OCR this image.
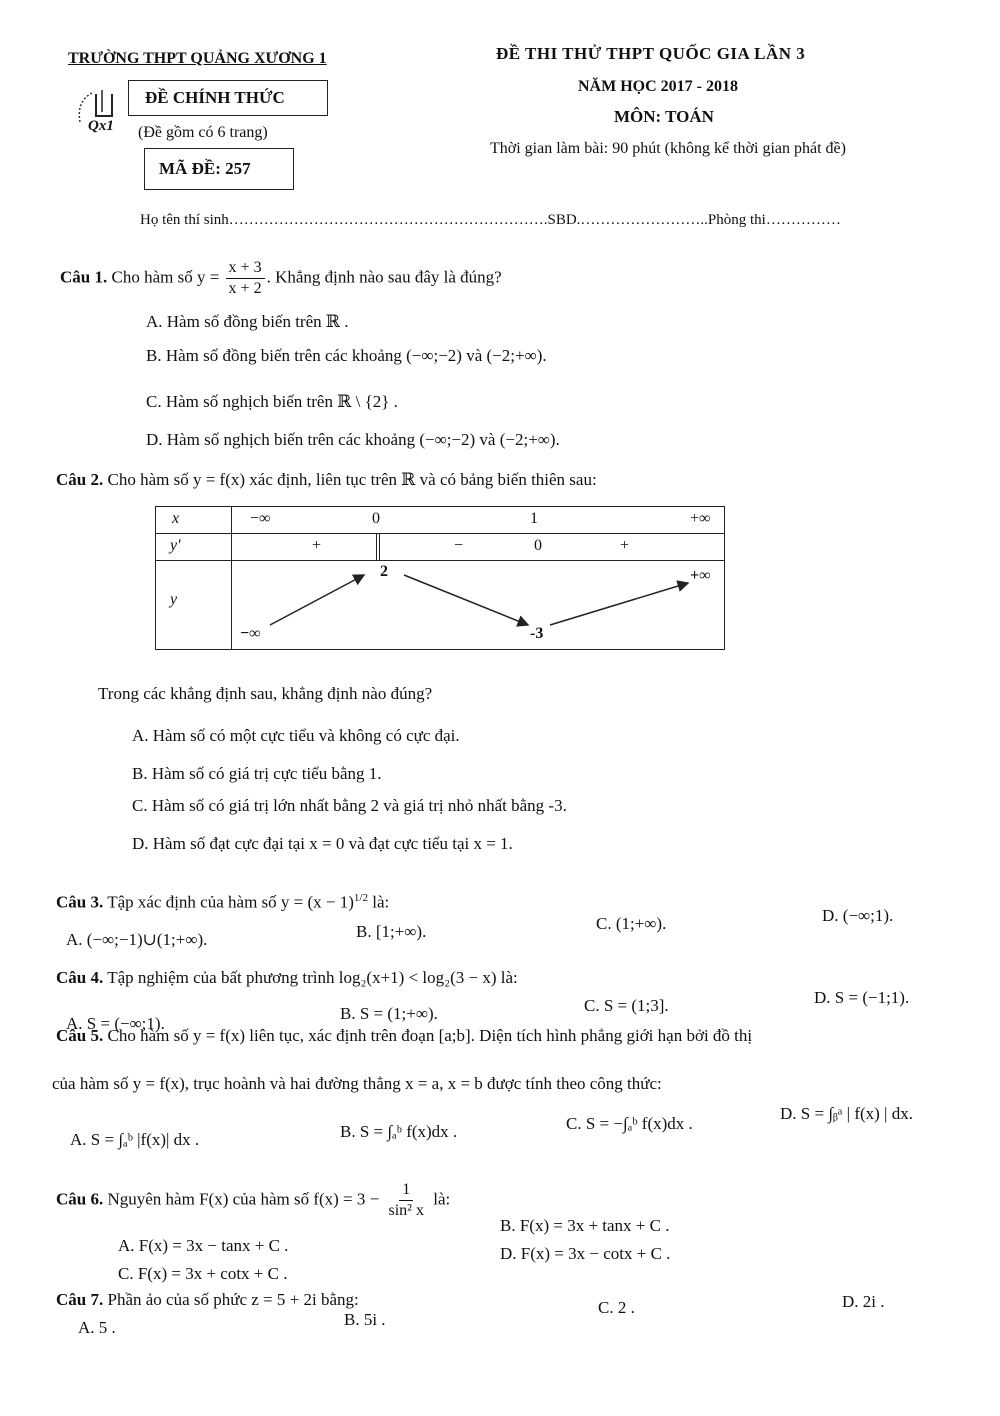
TRƯỜNG THPT QUẢNG XƯƠNG 1	ĐỀ THI THỬ THPT QUỐC GIA LẦN 3
NĂM HỌC 2017 - 2018
MÔN: TOÁN
Thời gian làm bài: 90 phút (không kể thời gian phát đề)
Qx1
ĐỀ CHÍNH THỨC
(Đề gồm có 6 trang)
MÃ ĐỀ: 257
Họ tên thí sinh……………………………………………………….SBD.……………………..Phòng thi……………
Câu 1. Cho hàm số $y = \frac{x + 3}{x + 2}$ . Khẳng định nào sau đây là đúng?
A. Hàm số đồng biến trên ℝ .
B. Hàm số đồng biến trên các khoảng (−∞;−2) và (−2;+∞).
C. Hàm số nghịch biến trên ℝ \ {2} .
D. Hàm số nghịch biến trên các khoảng (−∞;−2) và (−2;+∞).
Câu 2. Cho hàm số y = f(x) xác định, liên tục trên ℝ và có bảng biến thiên sau:
x	−∞ 0 1 +∞

y'	+ − 0 +

y	2
−∞ -3
+∞
Trong các khẳng định sau, khẳng định nào đúng?
A. Hàm số có một cực tiểu và không có cực đại.
B. Hàm số có giá trị cực tiểu bằng 1.
C. Hàm số có giá trị lớn nhất bằng 2 và giá trị nhỏ nhất bằng -3.
D. Hàm số đạt cực đại tại x = 0 và đạt cực tiểu tại x = 1.
Câu 3. Tập xác định của hàm số $y = (x - 1)^{1/2}$ là:
A. (−∞;−1)∪(1;+∞).	B. [1;+∞).	C. (1;+∞).	D. (−∞;1).
Câu 4. Tập nghiệm của bất phương trình log₂(x+1) < log₂(3 − x) là:
A. S = (−∞;1).
B. S = (1;+∞).	C. S = (1;3].	D. S = (−1;1).
Câu 5. Cho hàm số y = f(x) liên tục, xác định trên đoạn [a;b]. Diện tích hình phẳng giới hạn bởi đồ thị
của hàm số y = f(x), trục hoành và hai đường thẳng x = a, x = b được tính theo công thức:
A. S = ∫ₐᵇ |f(x)| dx .	B. S = ∫ₐᵇ f(x)dx .	C. S = −∫ₐᵇ f(x)dx .
D. S = ∫ᵦᵃ | f(x) | dx.
Câu 6. Nguyên hàm F(x) của hàm số $f(x) = 3 - \frac{1}{\text{sin² x}}$ là:
A. F(x) = 3x − tanx + C .
B. F(x) = 3x + tanx + C .
C. F(x) = 3x + cotx + C .
D. F(x) = 3x − cotx + C .
Câu 7. Phần ảo của số phức z = 5 + 2i bằng:
A. 5 .	B. 5i .
C. 2 .	D. 2i .
